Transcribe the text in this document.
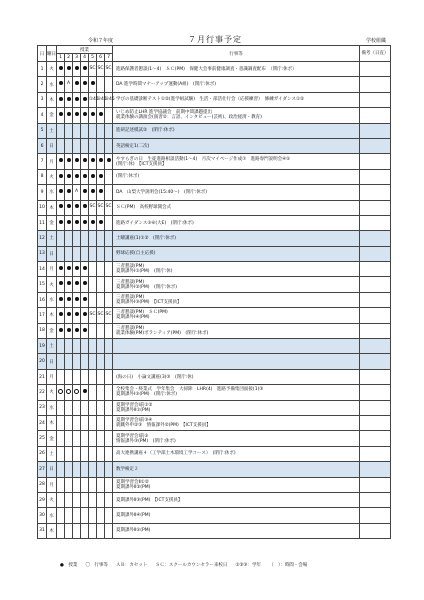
令和７年度	７月行事予定	学校組織
日	曜日	授業							行事等	備考（日直）
		1	2	3	4	5	6	7		
1	火					SC	SC	SC	進路保護者懇談(1〜4)　ＳＣ(PM)　保健大会事前健康調査・意識調査配布　（閉庁:休ポ）	
2	水		A						DA 進学時間マナーアップ運動(A組)　(閉庁:休ポ)	
3	木					①45	①45	①45	学びの基礎診断テスト①②(進学組試験)　生活・部活壮行会（応援練習）　修練ガイダンス①②	
4	金								いじめ防止LHR 進学協議会　前期中間課題提出
就業体験の講演会(演習②：言語、インタビュー(芸術)、政治経済・教育)	
5	土								進研記述模試②　(閉庁:休ポ)	
6	日								英語検定1(二次)	
7	月								やすらぎの日　生徒進路相談活動(1〜4)　月次マイページ作成⑦　進路専門説明会④⑤
(閉庁:休)　【ICT支援員】	
8	火								(閉庁:休ポ)	
9	水			A					DA　山梨大学説明会(15:40〜)　(閉庁:休ポ)	
10	木					SC	SC	SC	ＳＣ(PM)　高校野球開会式	
11	金								進路ガイダンス⑤⑥(大E)　(閉庁:休ポ)	
12	土								土曜講座(1)①②　(閉庁:休ポ)	
13	日								野球応援(自主応援)	
14	月								三者懇談(PM)
夏期課外Ⅰ①(PM)　(閉庁:休)	
15	火								三者懇談(PM)
夏期課外Ⅰ②(PM)　(閉庁:休ポ)	
16	水								三者懇談(PM)
夏期課外Ⅰ③(PM)　【ICT支援員】	
17	木					SC	SC	SC	三者懇談(PM)　ＳＣ(PM)
夏期課外Ⅰ④(PM)	
18	金								三者懇談(PM)
就業体験(PM)ボランティア(PM)　(閉庁:休ポ)	
19	土									
20	日									
21	月								(海の日)　小論文講座(3)③　(閉庁:休)	
22	火								全校集会・終業式　学年集会　大掃除　LHR(4)　進路予備集団面接(1)③
夏期課外Ⅰ⑤(PM)　(閉庁:休ポ)	
23	水								夏期学習会Ⅰ前①②
夏期課外Ⅱ①(PM)	
24	木								夏期学習会Ⅰ前③④
就職外申②③　情報課外②(PM)　【ICT支援員】	
25	金								夏期学習会Ⅰ前⑤
情報課外③(PM)　(閉庁:休ポ)	
26	土								高大連携講座４（工学部土木環境工学コース）　(閉庁:休ポ)	
27	日								数学検定２	
28	月								夏期学習会Ⅱ①②
夏期課外Ⅱ②(PM)	
29	火								夏期課外Ⅱ③(PM)　【ICT支援員】	
30	水								夏期課外Ⅱ④(PM)	
31	木								夏期課外Ⅱ⑤(PM)	
●　授業 〇　行事等 ＡＢ：カセット ＳＣ：スクールカウンセラー来校日 ①②③：学年 （　）：時間・会場
